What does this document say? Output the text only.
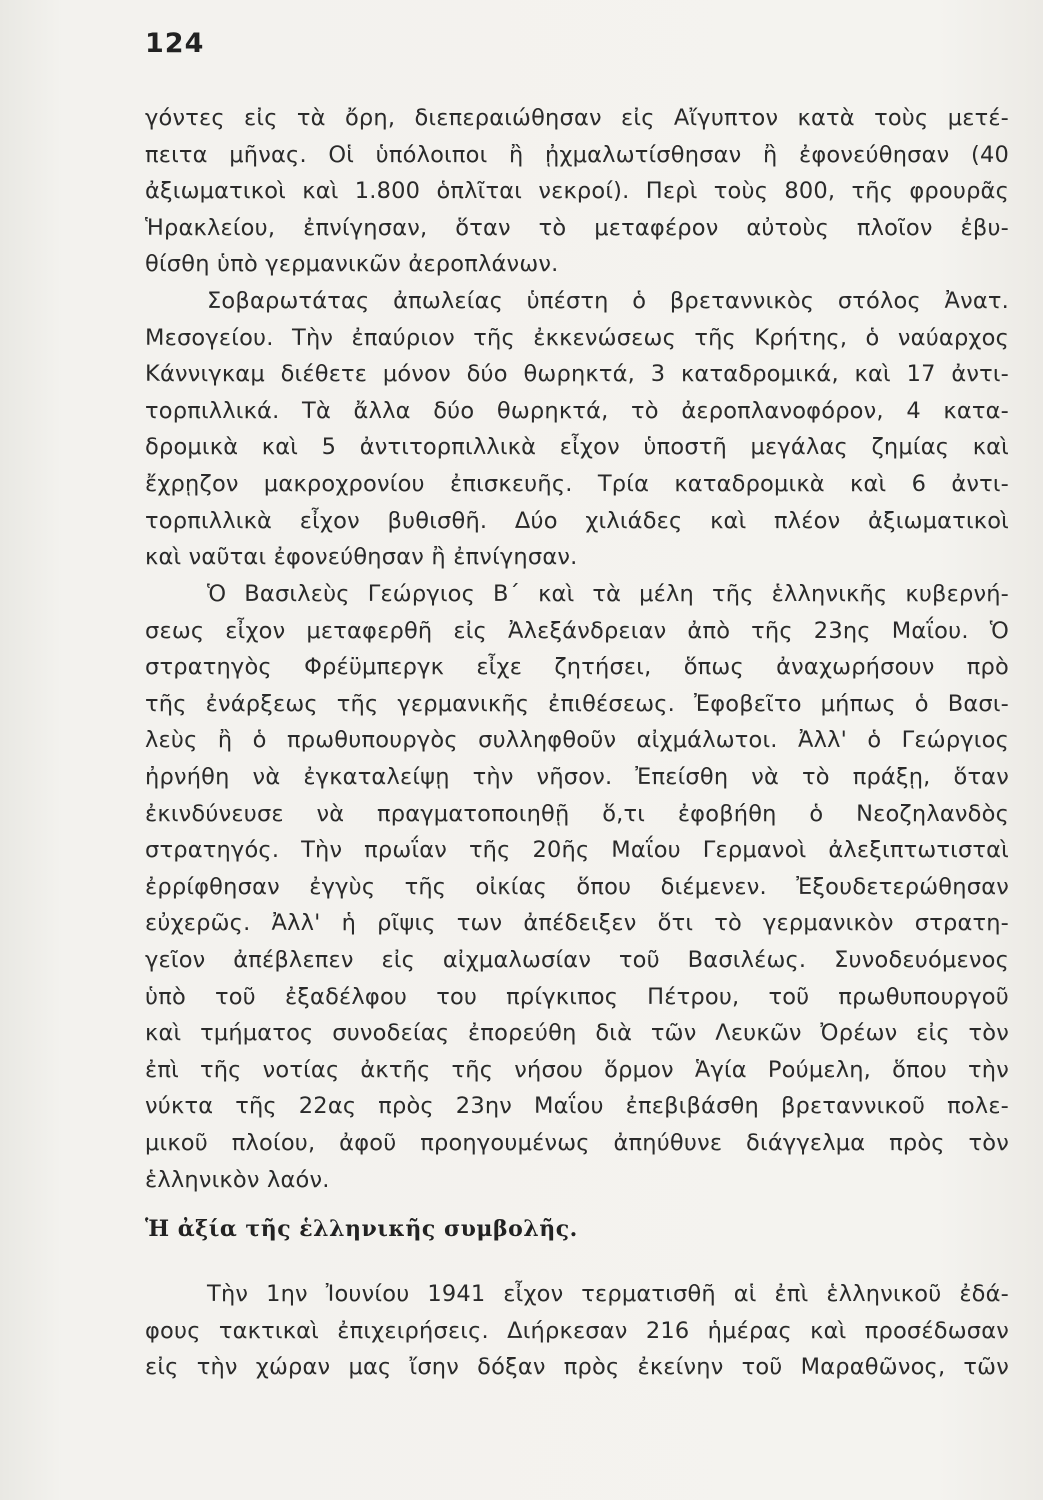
124
γόντες εἰς τὰ ὄρη, διεπεραιώθησαν εἰς Αἴγυπτον κατὰ τοὺς μετέ-
πειτα μῆνας. Οἱ ὑπόλοιποι ἢ ᾐχμαλωτίσθησαν ἢ ἐφονεύθησαν (40
ἀξιωματικοὶ καὶ 1.800 ὁπλῖται νεκροί). Περὶ τοὺς 800, τῆς φρουρᾶς
Ἡρακλείου, ἐπνίγησαν, ὅταν τὸ μεταφέρον αὐτοὺς πλοῖον ἐβυ-
θίσθη ὑπὸ γερμανικῶν ἀεροπλάνων.
Σοβαρωτάτας ἀπωλείας ὑπέστη ὁ βρεταννικὸς στόλος Ἀνατ.
Μεσογείου. Τὴν ἐπαύριον τῆς ἐκκενώσεως τῆς Κρήτης, ὁ ναύαρχος
Κάννιγκαμ διέθετε μόνον δύο θωρηκτά, 3 καταδρομικά, καὶ 17 ἀντι-
τορπιλλικά. Τὰ ἄλλα δύο θωρηκτά, τὸ ἀεροπλανοφόρον, 4 κατα-
δρομικὰ καὶ 5 ἀντιτορπιλλικὰ εἶχον ὑποστῆ μεγάλας ζημίας καὶ
ἔχρῃζον μακροχρονίου ἐπισκευῆς. Τρία καταδρομικὰ καὶ 6 ἀντι-
τορπιλλικὰ εἶχον βυθισθῆ. Δύο χιλιάδες καὶ πλέον ἀξιωματικοὶ
καὶ ναῦται ἐφονεύθησαν ἢ ἐπνίγησαν.
Ὁ Βασιλεὺς Γεώργιος Β΄ καὶ τὰ μέλη τῆς ἑλληνικῆς κυβερνή-
σεως εἶχον μεταφερθῆ εἰς Ἀλεξάνδρειαν ἀπὸ τῆς 23ης Μαΐου. Ὁ
στρατηγὸς Φρέϋμπεργκ εἶχε ζητήσει, ὅπως ἀναχωρήσουν πρὸ
τῆς ἐνάρξεως τῆς γερμανικῆς ἐπιθέσεως. Ἐφοβεῖτο μήπως ὁ Βασι-
λεὺς ἢ ὁ πρωθυπουργὸς συλληφθοῦν αἰχμάλωτοι. Ἀλλ' ὁ Γεώργιος
ἠρνήθη νὰ ἐγκαταλείψῃ τὴν νῆσον. Ἐπείσθη νὰ τὸ πράξῃ, ὅταν
ἐκινδύνευσε νὰ πραγματοποιηθῇ ὅ,τι ἐφοβήθη ὁ Νεοζηλανδὸς
στρατηγός. Τὴν πρωΐαν τῆς 20ῆς Μαΐου Γερμανοὶ ἀλεξιπτωτισταὶ
ἐρρίφθησαν ἐγγὺς τῆς οἰκίας ὅπου διέμενεν. Ἐξουδετερώθησαν
εὐχερῶς. Ἀλλ' ἡ ρῖψις των ἀπέδειξεν ὅτι τὸ γερμανικὸν στρατη-
γεῖον ἀπέβλεπεν εἰς αἰχμαλωσίαν τοῦ Βασιλέως. Συνοδευόμενος
ὑπὸ τοῦ ἐξαδέλφου του πρίγκιπος Πέτρου, τοῦ πρωθυπουργοῦ
καὶ τμήματος συνοδείας ἐπορεύθη διὰ τῶν Λευκῶν Ὀρέων εἰς τὸν
ἐπὶ τῆς νοτίας ἀκτῆς τῆς νήσου ὅρμον Ἁγία Ρούμελη, ὅπου τὴν
νύκτα τῆς 22ας πρὸς 23ην Μαΐου ἐπεβιβάσθη βρεταννικοῦ πολε-
μικοῦ πλοίου, ἀφοῦ προηγουμένως ἀπηύθυνε διάγγελμα πρὸς τὸν
ἑλληνικὸν λαόν.
Ἡ ἀξία τῆς ἑλληνικῆς συμβολῆς.
Τὴν 1ην Ἰουνίου 1941 εἶχον τερματισθῆ αἱ ἐπὶ ἑλληνικοῦ ἐδά-
φους τακτικαὶ ἐπιχειρήσεις. Διήρκεσαν 216 ἡμέρας καὶ προσέδωσαν
εἰς τὴν χώραν μας ἴσην δόξαν πρὸς ἐκείνην τοῦ Μαραθῶνος, τῶν
